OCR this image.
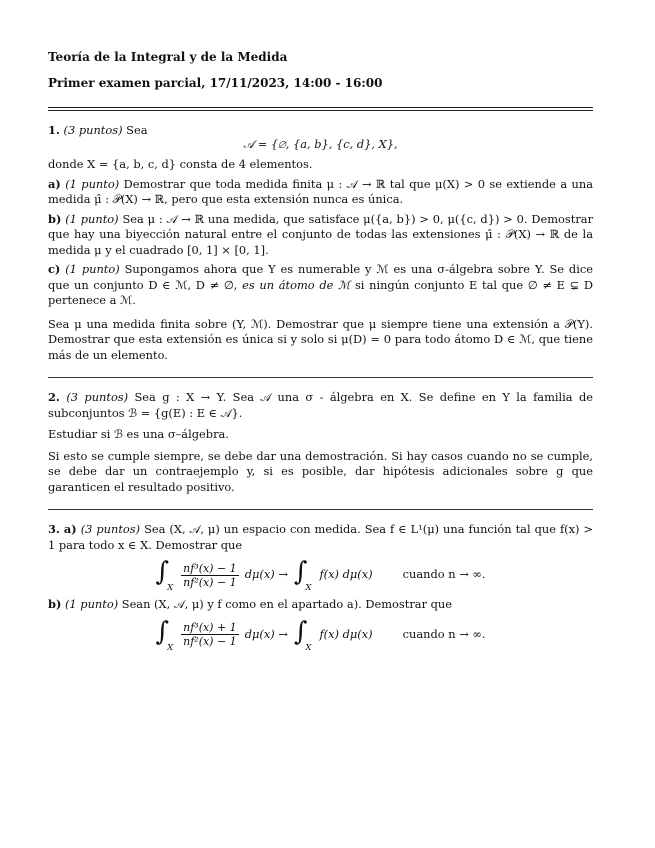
Teoría de la Integral y de la Medida

Primer examen parcial, 17/11/2023, 14:00 - 16:00

1. (3 puntos) Sea

𝒜 = {∅, {a, b}, {c, d}, X},

donde X = {a, b, c, d} consta de 4 elementos.

a) (1 punto) Demostrar que toda medida finita μ : 𝒜 → ℝ tal que μ(X) > 0 se extiende a una medida μ̂ : 𝒫(X) → ℝ, pero que esta extensión nunca es única.

b) (1 punto) Sea μ : 𝒜 → ℝ una medida, que satisface μ({a, b}) > 0, μ({c, d}) > 0. Demostrar que hay una biyección natural entre el conjunto de todas las extensiones μ̂ : 𝒫(X) → ℝ de la medida μ y el cuadrado [0, 1] × [0, 1].

c) (1 punto) Supongamos ahora que Y es numerable y ℳ es una σ-álgebra sobre Y. Se dice que un conjunto D ∈ ℳ, D ≠ ∅, es un átomo de ℳ si ningún conjunto E tal que ∅ ≠ E ⊊ D pertenece a ℳ.

Sea μ una medida finita sobre (Y, ℳ). Demostrar que μ siempre tiene una extensión a 𝒫(Y). Demostrar que esta extensión es única si y solo si μ(D) = 0 para todo átomo D ∈ ℳ, que tiene más de un elemento.

2. (3 puntos) Sea g : X → Y. Sea 𝒜 una σ - álgebra en X. Se define en Y la familia de subconjuntos ℬ = {g(E) : E ∈ 𝒜}.

Estudiar si ℬ es una σ–álgebra.

Si esto se cumple siempre, se debe dar una demostración. Si hay casos cuando no se cumple, se debe dar un contraejemplo y, si es posible, dar hipótesis adicionales sobre g que garanticen el resultado positivo.

3. a) (3 puntos) Sea (X, 𝒜, μ) un espacio con medida. Sea f ∈ L¹(μ) una función tal que f(x) > 1 para todo x ∈ X. Demostrar que

$\int_X \frac{\text{nf³(x) − 1}}{\text{nf²(x) − 1}} d\mu(x) \to \int_X$
f(x) dμ(x)	cuando n → ∞.

b) (1 punto) Sean (X, 𝒜, μ) y f como en el apartado a). Demostrar que

$\int_X \frac{\text{nf³(x) + 1}}{\text{nf²(x) − 1}} d\mu(x) \to \int_X$
f(x) dμ(x)	cuando n → ∞.
